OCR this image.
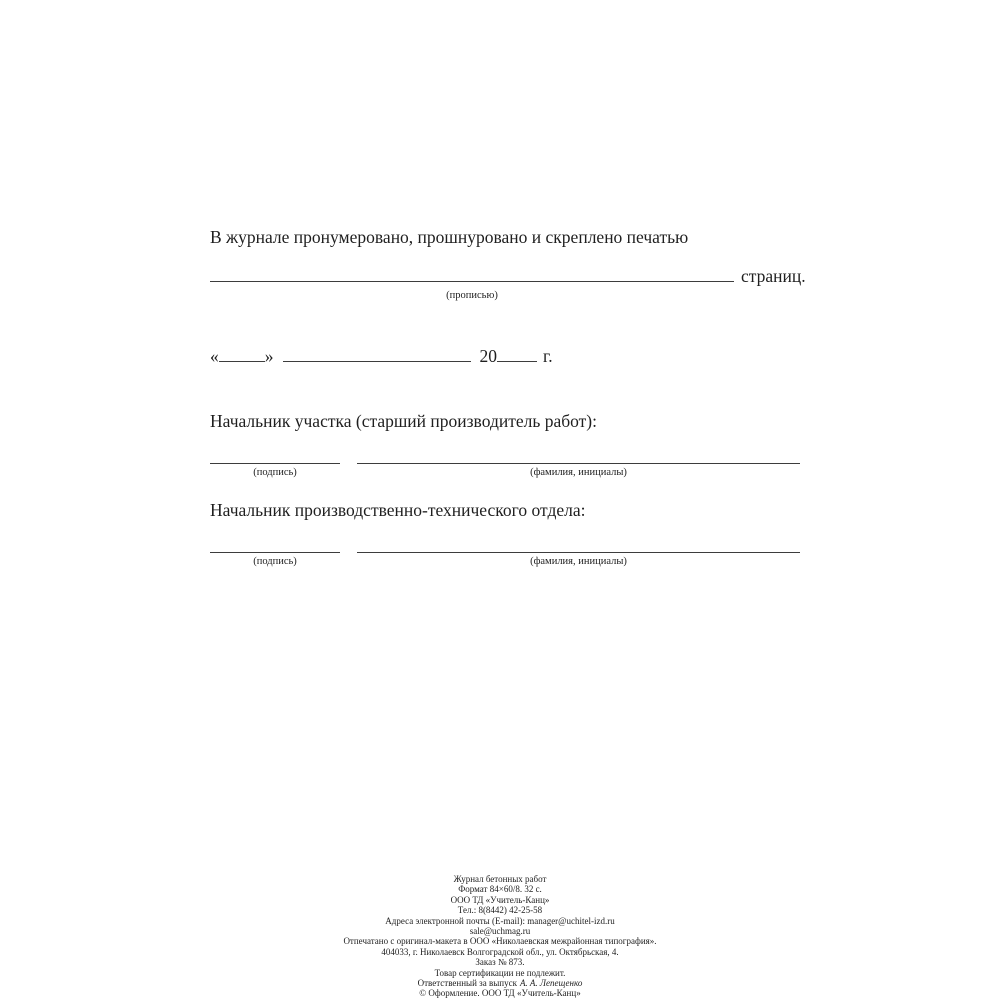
В журнале пронумеровано, прошнуровано и скреплено печатью
страниц.
(прописью)
«	»	20	г.
Начальник участка (старший производитель работ):
(подпись)	(фамилия, инициалы)
Начальник производственно-технического отдела:
(подпись)	(фамилия, инициалы)
Журнал бетонных работ
Формат 84×60/8. 32 с.
ООО ТД «Учитель-Канц»
Тел.: 8(8442) 42-25-58
Адреса электронной почты (E-mail): manager@uchitel-izd.ru
sale@uchmag.ru
Отпечатано с оригинал-макета в ООО «Николаевская межрайонная типография».
404033, г. Николаевск Волгоградской обл., ул. Октябрьская, 4.
Заказ № 873.
Товар сертификации не подлежит.
Ответственный за выпуск А. А. Лепещенко
© Оформление. ООО ТД «Учитель-Канц»
